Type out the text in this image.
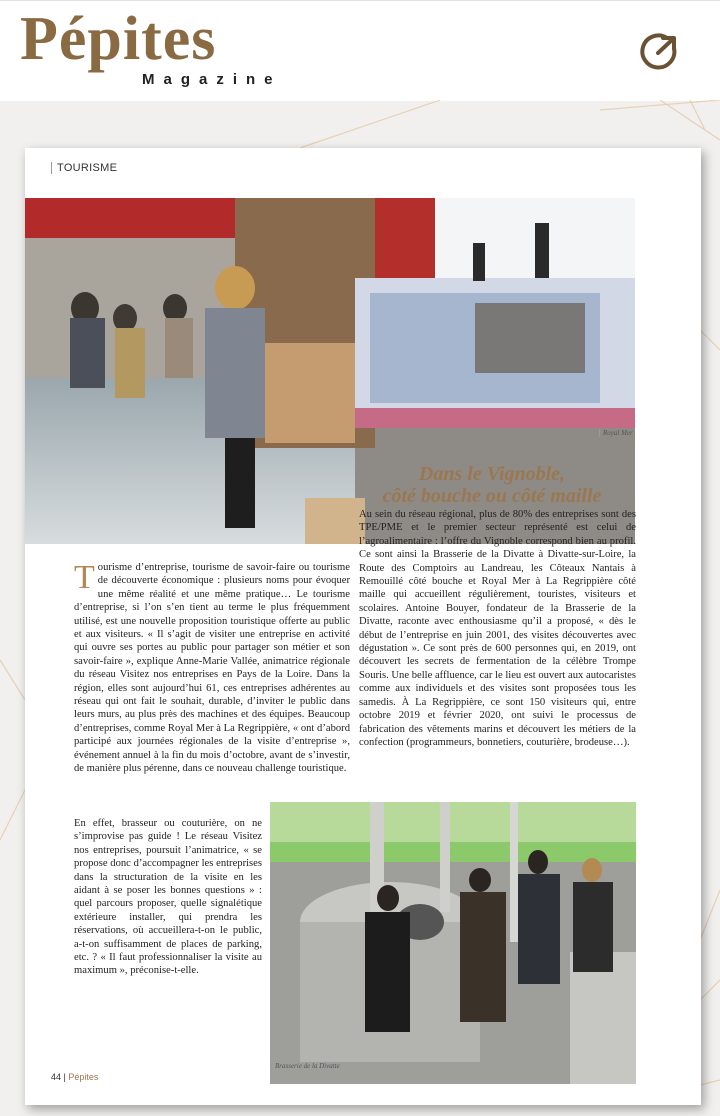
Pépites
Magazine
TOURISME
Royal Mer
Dans le Vignoble,
côté bouche ou côté maille
Tourisme d’entreprise, tourisme de savoir-faire ou tourisme de découverte économique : plusieurs noms pour évoquer une même réalité et une même pratique… Le tourisme d’entreprise, si l’on s’en tient au terme le plus fréquemment utilisé, est une nouvelle proposition touristique offerte au public et aux visiteurs. « Il s’agit de visiter une entreprise en activité qui ouvre ses portes au public pour partager son métier et son savoir-faire », explique Anne-Marie Vallée, animatrice régionale du réseau Visitez nos entreprises en Pays de la Loire. Dans la région, elles sont aujourd’hui 61, ces entreprises adhérentes au réseau qui ont fait le souhait, durable, d’inviter le public dans leurs murs, au plus près des machines et des équipes. Beaucoup d’entreprises, comme Royal Mer à La Regrippière, « ont d’abord participé aux journées régionales de la visite d’entreprise », événement annuel à la fin du mois d’octobre, avant de s’investir, de manière plus pérenne, dans ce nouveau challenge touristique.
En effet, brasseur ou couturière, on ne s’improvise pas guide ! Le réseau Visitez nos entreprises, poursuit l’animatrice, « se propose donc d’accompagner les entreprises dans la structuration de la visite en les aidant à se poser les bonnes questions » : quel parcours proposer, quelle signalétique extérieure installer, qui prendra les réservations, où accueillera-t-on le public, a-t-on suffisamment de places de parking, etc. ? « Il faut professionnaliser la visite au maximum », préconise-t-elle.
Au sein du réseau régional, plus de 80% des entreprises sont des TPE/PME et le premier secteur représenté est celui de l’agroalimentaire : l’offre du Vignoble correspond bien au profil. Ce sont ainsi la Brasserie de la Divatte à Divatte-sur-Loire, la Route des Comptoirs au Landreau, les Côteaux Nantais à Remouillé côté bouche et Royal Mer à La Regrippière côté maille qui accueillent régulièrement, touristes, visiteurs et scolaires. Antoine Bouyer, fondateur de la Brasserie de la Divatte, raconte avec enthousiasme qu’il a proposé, « dès le début de l’entreprise en juin 2001, des visites découvertes avec dégustation ». Ce sont près de 600 personnes qui, en 2019, ont découvert les secrets de fermentation de la célèbre Trompe Souris. Une belle affluence, car le lieu est ouvert aux autocaristes comme aux individuels et des visites sont proposées tous les samedis. À La Regrippière, ce sont 150 visiteurs qui, entre octobre 2019 et février 2020, ont suivi le processus de fabrication des vêtements marins et découvert les métiers de la confection (programmeurs, bonnetiers, couturière, brodeuse…).
Brasserie de la Divatte
44 | Pépites
